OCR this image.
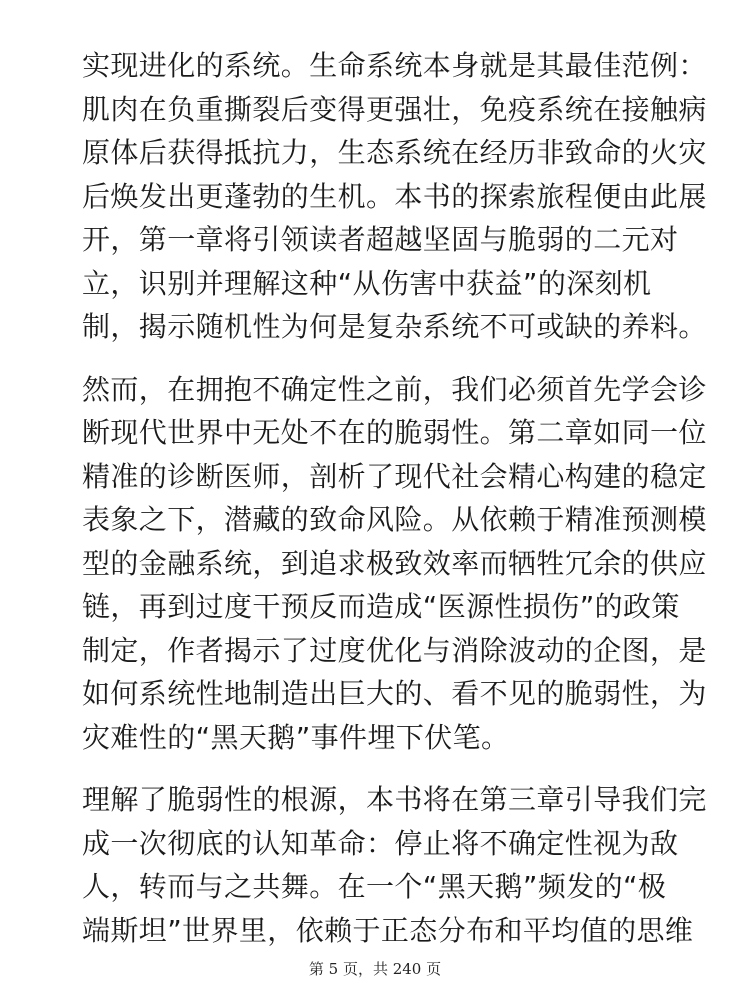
实现进化的系统。生命系统本身就是其最佳范例：
肌肉在负重撕裂后变得更强壮，免疫系统在接触病
原体后获得抵抗力，生态系统在经历非致命的火灾
后焕发出更蓬勃的生机。本书的探索旅程便由此展
开，第一章将引领读者超越坚固与脆弱的二元对
立，识别并理解这种“从伤害中获益”的深刻机
制，揭示随机性为何是复杂系统不可或缺的养料。

然而，在拥抱不确定性之前，我们必须首先学会诊
断现代世界中无处不在的脆弱性。第二章如同一位
精准的诊断医师，剖析了现代社会精心构建的稳定
表象之下，潜藏的致命风险。从依赖于精准预测模
型的金融系统，到追求极致效率而牺牲冗余的供应
链，再到过度干预反而造成“医源性损伤”的政策
制定，作者揭示了过度优化与消除波动的企图，是
如何系统性地制造出巨大的、看不见的脆弱性，为
灾难性的“黑天鹅”事件埋下伏笔。

理解了脆弱性的根源，本书将在第三章引导我们完
成一次彻底的认知革命：停止将不确定性视为敌
人，转而与之共舞。在一个“黑天鹅”频发的“极
端斯坦”世界里，依赖于正态分布和平均值的思维

第 5 页，共 240 页
